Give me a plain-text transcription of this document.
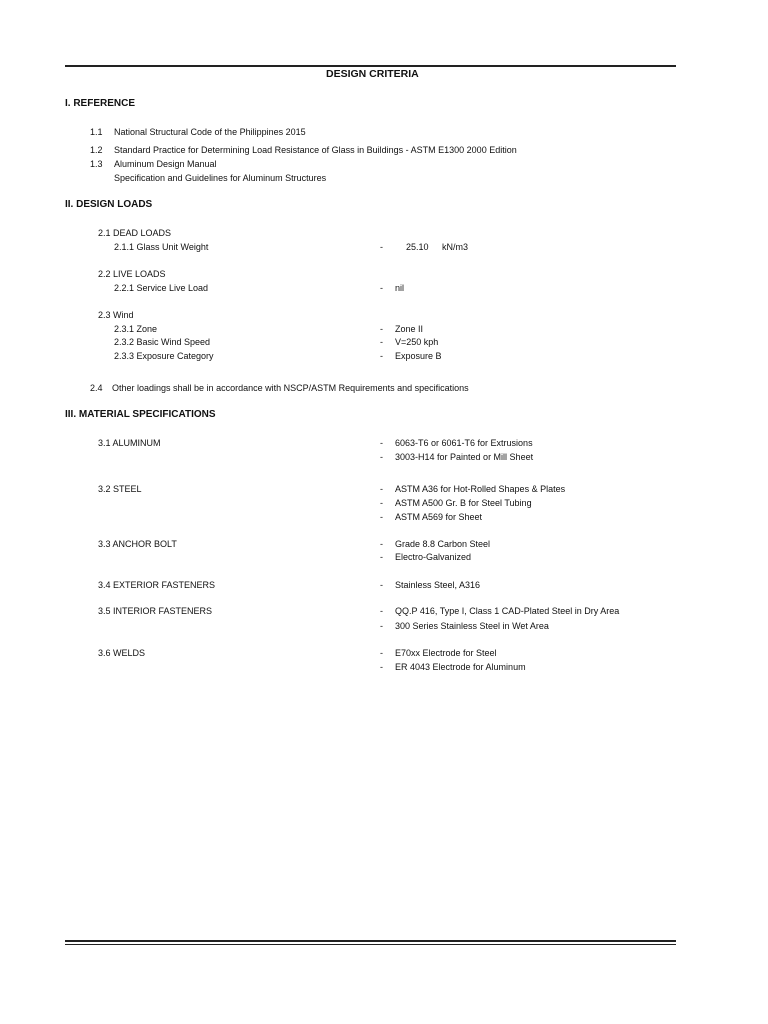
DESIGN CRITERIA
I. REFERENCE
1.1 National Structural Code of the Philippines 2015
1.2 Standard Practice for Determining Load Resistance of Glass in Buildings - ASTM E1300 2000 Edition
1.3 Aluminum Design Manual
Specification and Guidelines for Aluminum Structures
II. DESIGN LOADS
2.1 DEAD LOADS
2.1.1 Glass Unit Weight	-	25.10 kN/m3
2.2 LIVE LOADS
2.2.1 Service Live Load	- nil
2.3 Wind
2.3.1 Zone	- Zone II
2.3.2 Basic Wind Speed	- V=250 kph
2.3.3 Exposure Category	- Exposure B
2.4 Other loadings shall be in accordance with NSCP/ASTM Requirements and specifications
III. MATERIAL SPECIFICATIONS
3.1 ALUMINUM	- 6063-T6 or 6061-T6 for Extrusions
- 3003-H14 for Painted or Mill Sheet
3.2 STEEL	- ASTM A36 for Hot-Rolled Shapes & Plates
- ASTM A500 Gr. B for Steel Tubing
- ASTM A569 for Sheet
3.3 ANCHOR BOLT	- Grade 8.8 Carbon Steel
- Electro-Galvanized
3.4 EXTERIOR FASTENERS	- Stainless Steel, A316
3.5 INTERIOR FASTENERS	- QQ.P 416, Type I, Class 1 CAD-Plated Steel in Dry Area
- 300 Series Stainless Steel in Wet Area
3.6 WELDS	- E70xx Electrode for Steel
- ER 4043 Electrode for Aluminum
